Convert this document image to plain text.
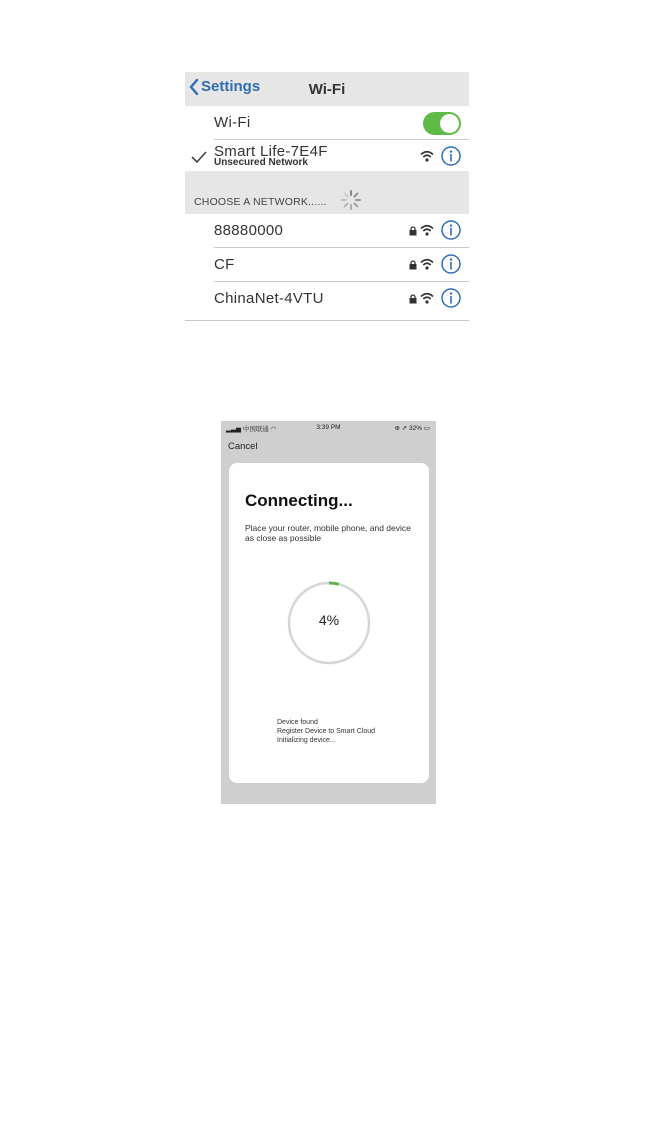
Settings	Wi-Fi
Wi-Fi
Smart Life-7E4F
Unsecured Network
CHOOSE A NETWORK......
88880000
CF
ChinaNet-4VTU
▂▃▅ 中国联通 ◠	3:39 PM	⊕ ➚ 32% ▭
Cancel
Connecting...
Place your router, mobile phone, and device as close as possible
4%
Device found
Register Device to Smart Cloud
Initializing device...
